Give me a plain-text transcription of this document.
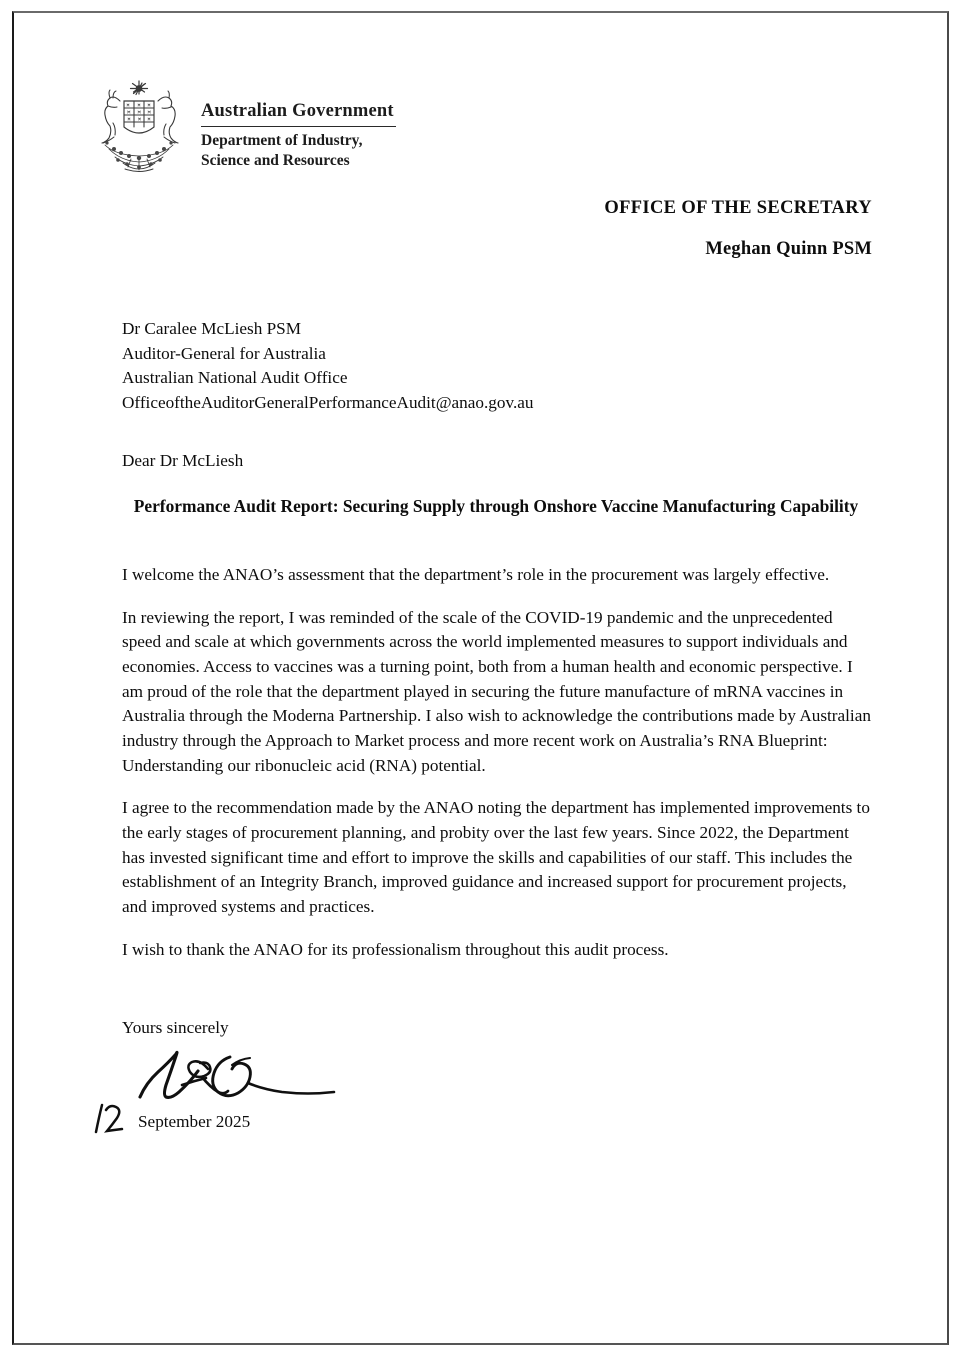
Australian Government
Department of Industry,
Science and Resources
OFFICE OF THE SECRETARY
Meghan Quinn PSM
Dr Caralee McLiesh PSM
Auditor-General for Australia
Australian National Audit Office
OfficeoftheAuditorGeneralPerformanceAudit@anao.gov.au
Dear Dr McLiesh
Performance Audit Report: Securing Supply through Onshore Vaccine Manufacturing Capability

I welcome the ANAO’s assessment that the department’s role in the procurement was largely effective.

In reviewing the report, I was reminded of the scale of the COVID-19 pandemic and the unprecedented speed and scale at which governments across the world implemented measures to support individuals and economies. Access to vaccines was a turning point, both from a human health and economic perspective. I am proud of the role that the department played in securing the future manufacture of mRNA vaccines in Australia through the Moderna Partnership. I also wish to acknowledge the contributions made by Australian industry through the Approach to Market process and more recent work on Australia’s RNA Blueprint: Understanding our ribonucleic acid (RNA) potential.

I agree to the recommendation made by the ANAO noting the department has implemented improvements to the early stages of procurement planning, and probity over the last few years. Since 2022, the Department has invested significant time and effort to improve the skills and capabilities of our staff. This includes the establishment of an Integrity Branch, improved guidance and increased support for procurement projects, and improved systems and practices.

I wish to thank the ANAO for its professionalism throughout this audit process.

Yours sincerely
September 2025
